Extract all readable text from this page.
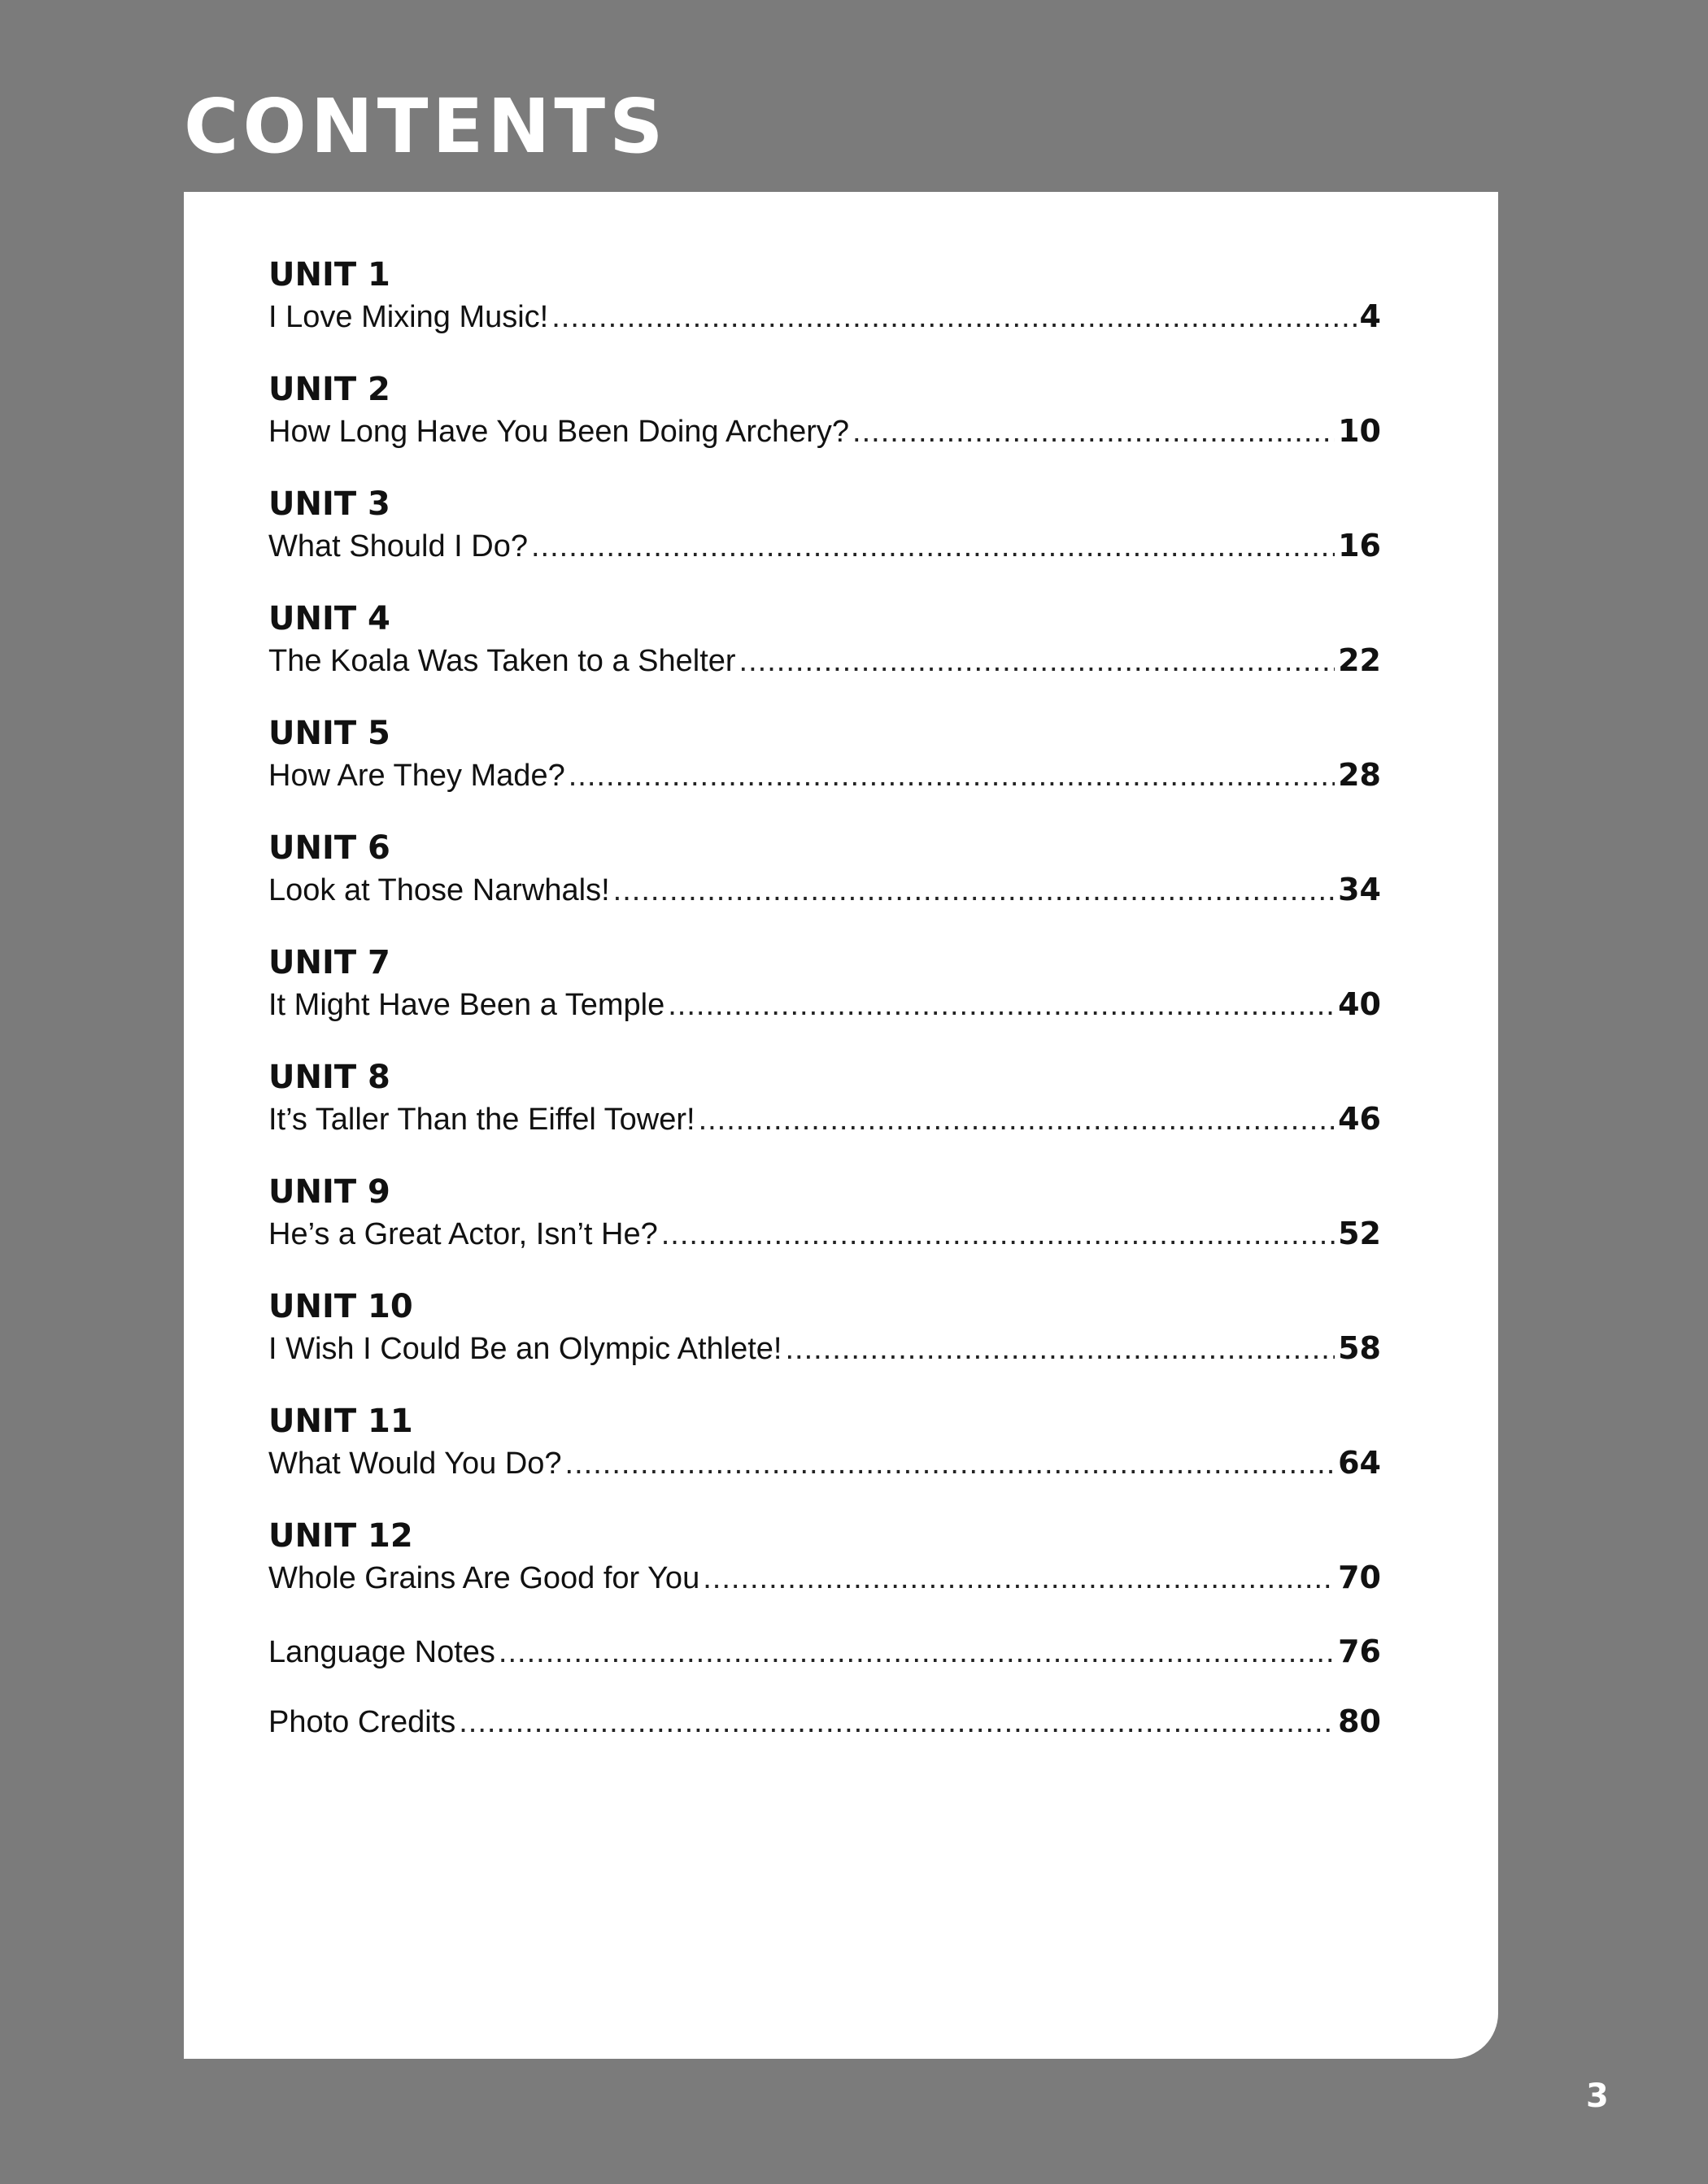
CONTENTS
UNIT 1
I Love Mixing Music! .....	4
UNIT 2
How Long Have You Been Doing Archery? .....	10
UNIT 3
What Should I Do? .....	16
UNIT 4
The Koala Was Taken to a Shelter .....	22
UNIT 5
How Are They Made? .....	28
UNIT 6
Look at Those Narwhals! .....	34
UNIT 7
It Might Have Been a Temple .....	40
UNIT 8
It’s Taller Than the Eiffel Tower! .....	46
UNIT 9
He’s a Great Actor, Isn’t He? .....	52
UNIT 10
I Wish I Could Be an Olympic Athlete! .....	58
UNIT 11
What Would You Do? .....	64
UNIT 12
Whole Grains Are Good for You .....	70
Language Notes .....	76
Photo Credits .....	80
3
